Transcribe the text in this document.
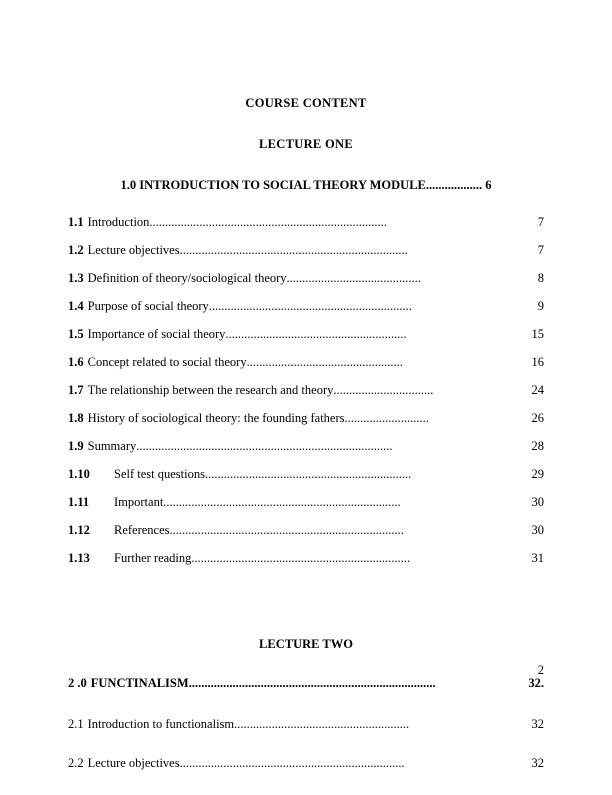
COURSE CONTENT
LECTURE ONE
1.0 INTRODUCTION TO SOCIAL THEORY MODULE.................. 6
1.1 Introduction ............................................................................	7
1.2 Lecture objectives .........................................................................	7
1.3 Definition of theory/sociological theory ...........................................	8
1.4 Purpose of social theory .................................................................	9
1.5 Importance of social theory ..........................................................	15
1.6 Concept related to social theory ..................................................	16
1.7 The relationship between the research and theory ................................	24
1.8 History of sociological theory: the founding fathers ...........................	26
1.9 Summary ..................................................................................	28
1.10	Self test questions ..................................................................	29
1.11	Important ............................................................................	30
1.12	References ...........................................................................	30
1.13	Further reading ......................................................................	31
LECTURE TWO
2 .0 FUNCTINALISM ...............................................................................	32.
2.1 Introduction to functionalism ........................................................	32
2.2 Lecture objectives ........................................................................	32
2
